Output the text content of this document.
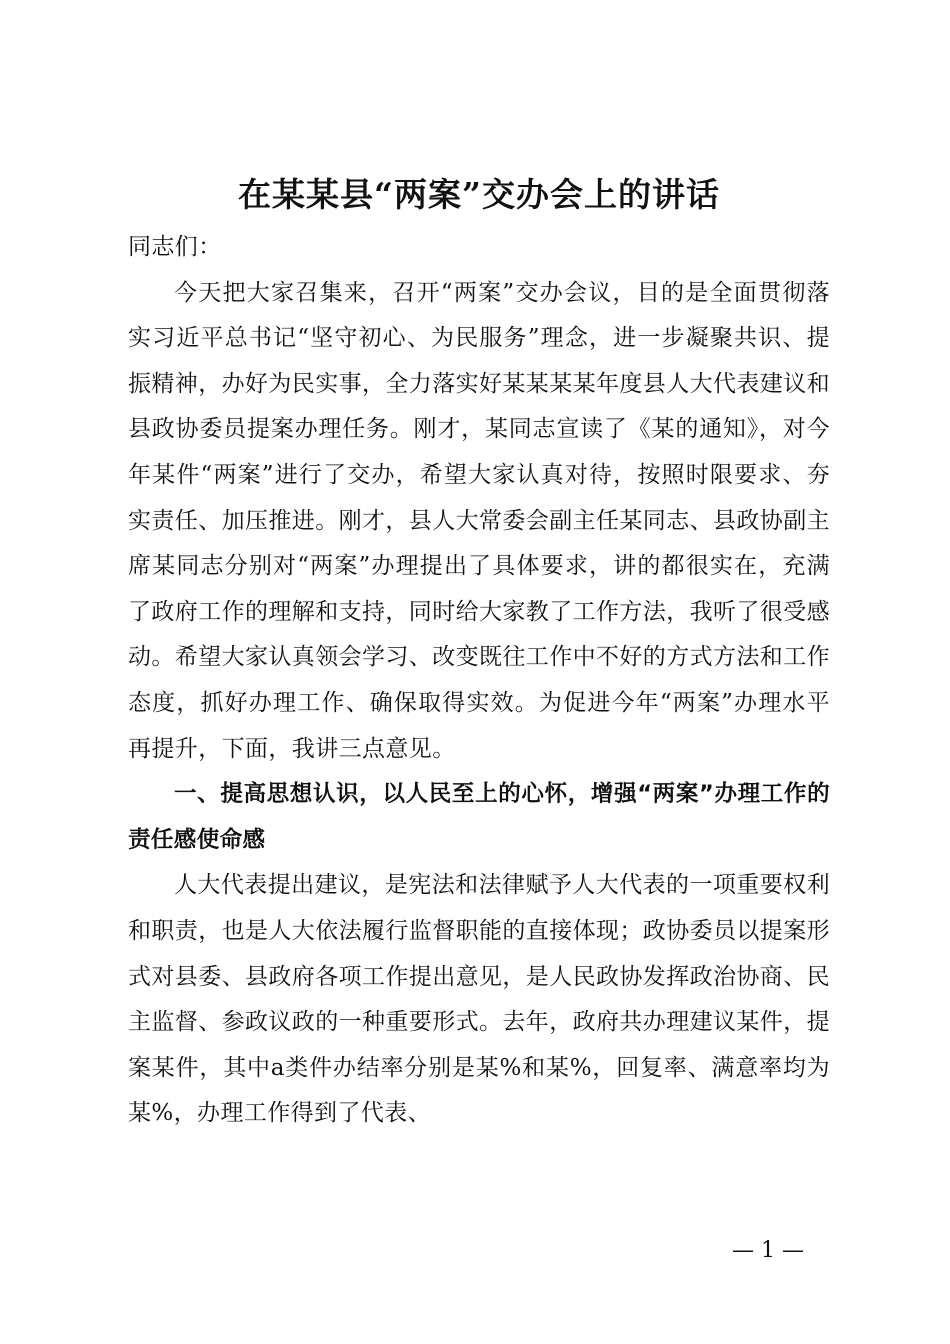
在某某县“两案”交办会上的讲话

同志们：

今天把大家召集来，召开“两案”交办会议，目的是全面贯彻落实习近平总书记“坚守初心、为民服务”理念，进一步凝聚共识、提振精神，办好为民实事，全力落实好某某某某年度县人大代表建议和县政协委员提案办理任务。刚才，某同志宣读了《某的通知》，对今年某件“两案”进行了交办，希望大家认真对待，按照时限要求、夯实责任、加压推进。刚才，县人大常委会副主任某同志、县政协副主席某同志分别对“两案”办理提出了具体要求，讲的都很实在，充满了政府工作的理解和支持，同时给大家教了工作方法，我听了很受感动。希望大家认真领会学习、改变既往工作中不好的方式方法和工作态度，抓好办理工作、确保取得实效。为促进今年“两案”办理水平再提升，下面，我讲三点意见。

一、提高思想认识，以人民至上的心怀，增强“两案”办理工作的责任感使命感

人大代表提出建议，是宪法和法律赋予人大代表的一项重要权利和职责，也是人大依法履行监督职能的直接体现；政协委员以提案形式对县委、县政府各项工作提出意见，是人民政协发挥政治协商、民主监督、参政议政的一种重要形式。去年，政府共办理建议某件，提案某件，其中a类件办结率分别是某%和某%，回复率、满意率均为某%，办理工作得到了代表、

— 1 —
